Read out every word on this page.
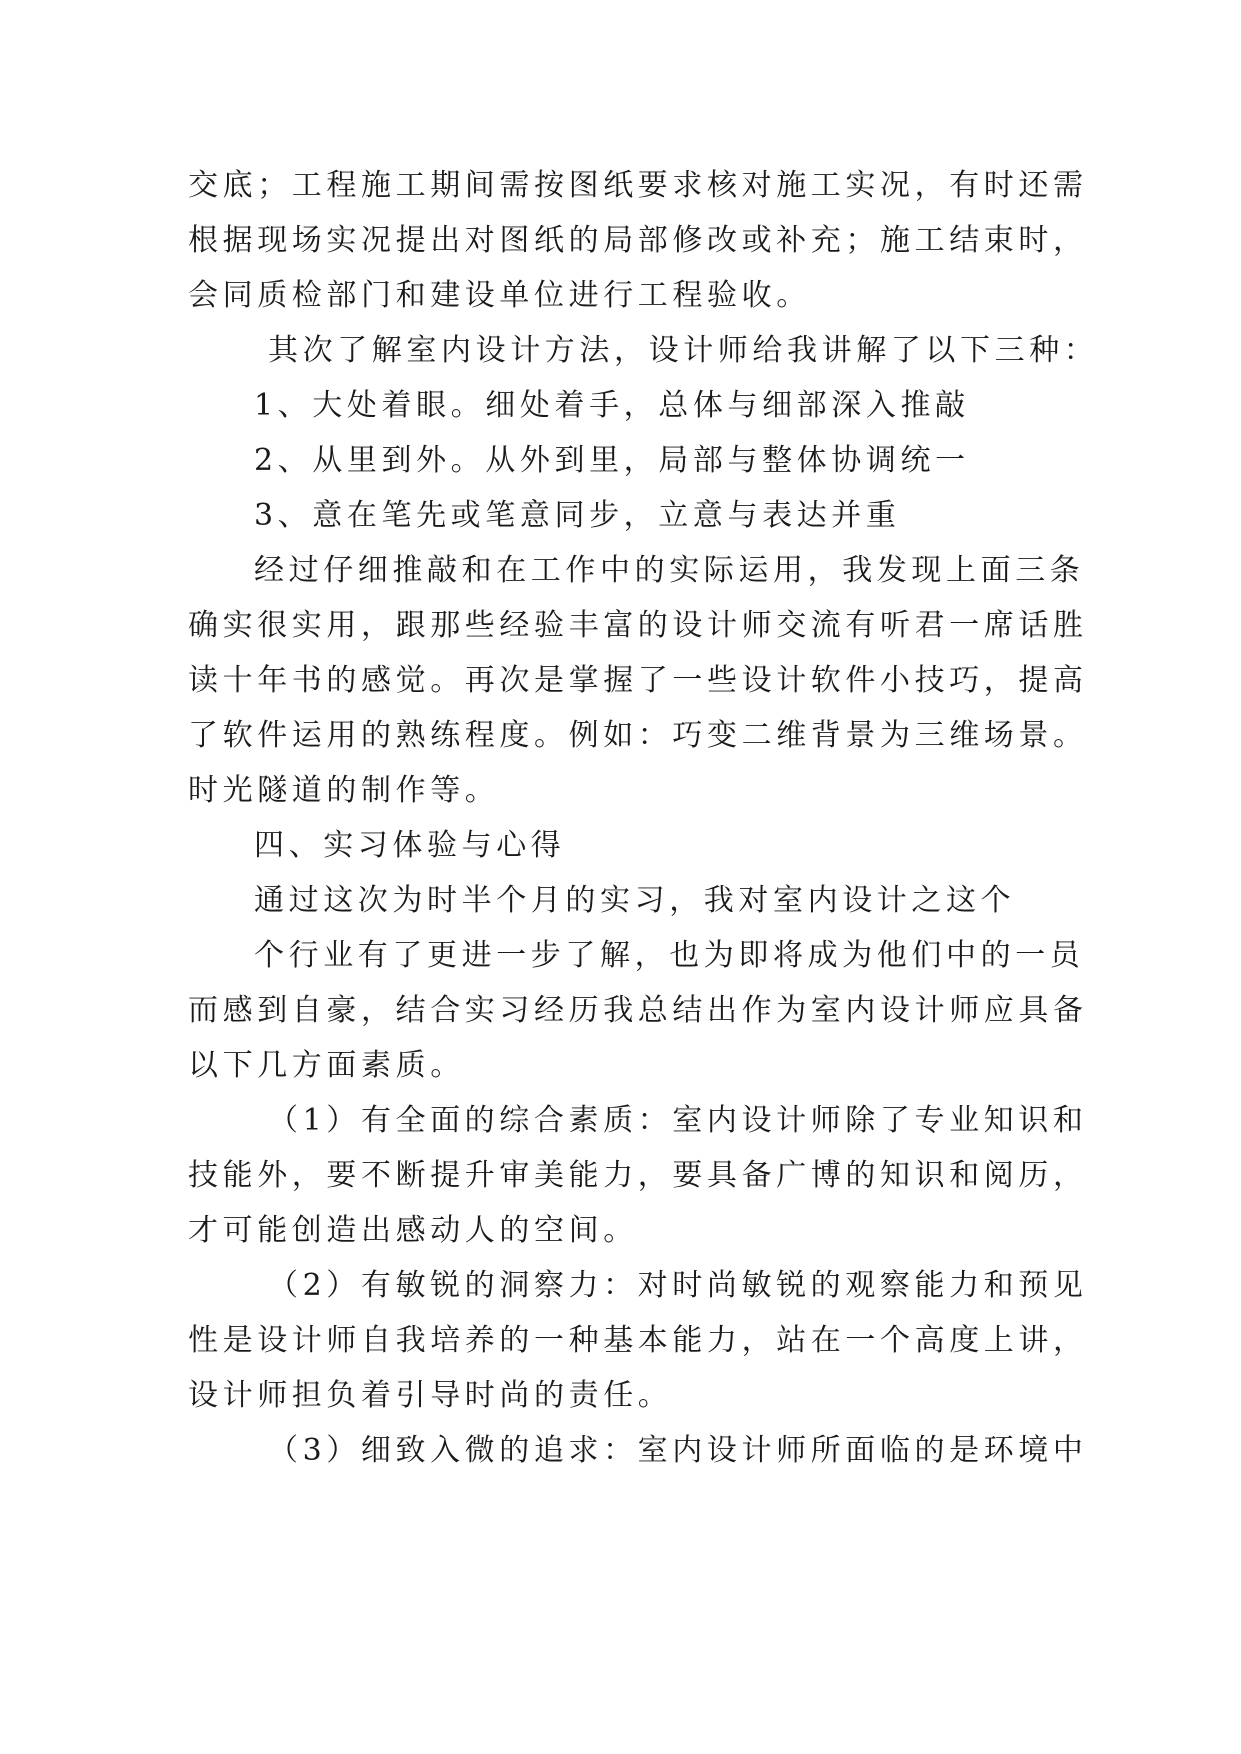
交底；工程施工期间需按图纸要求核对施工实况，有时还需
根据现场实况提出对图纸的局部修改或补充；施工结束时，
会同质检部门和建设单位进行工程验收。
其次了解室内设计方法，设计师给我讲解了以下三种：
1、大处着眼。细处着手，总体与细部深入推敲
2、从里到外。从外到里，局部与整体协调统一
3、意在笔先或笔意同步，立意与表达并重
经过仔细推敲和在工作中的实际运用，我发现上面三条
确实很实用，跟那些经验丰富的设计师交流有听君一席话胜
读十年书的感觉。再次是掌握了一些设计软件小技巧，提高
了软件运用的熟练程度。例如：巧变二维背景为三维场景。
时光隧道的制作等。
四、实习体验与心得
通过这次为时半个月的实习，我对室内设计之这个
个行业有了更进一步了解，也为即将成为他们中的一员
而感到自豪，结合实习经历我总结出作为室内设计师应具备
以下几方面素质。
（1）有全面的综合素质：室内设计师除了专业知识和
技能外，要不断提升审美能力，要具备广博的知识和阅历，
才可能创造出感动人的空间。
（2）有敏锐的洞察力：对时尚敏锐的观察能力和预见
性是设计师自我培养的一种基本能力，站在一个高度上讲，
设计师担负着引导时尚的责任。
（3）细致入微的追求：室内设计师所面临的是环境中
